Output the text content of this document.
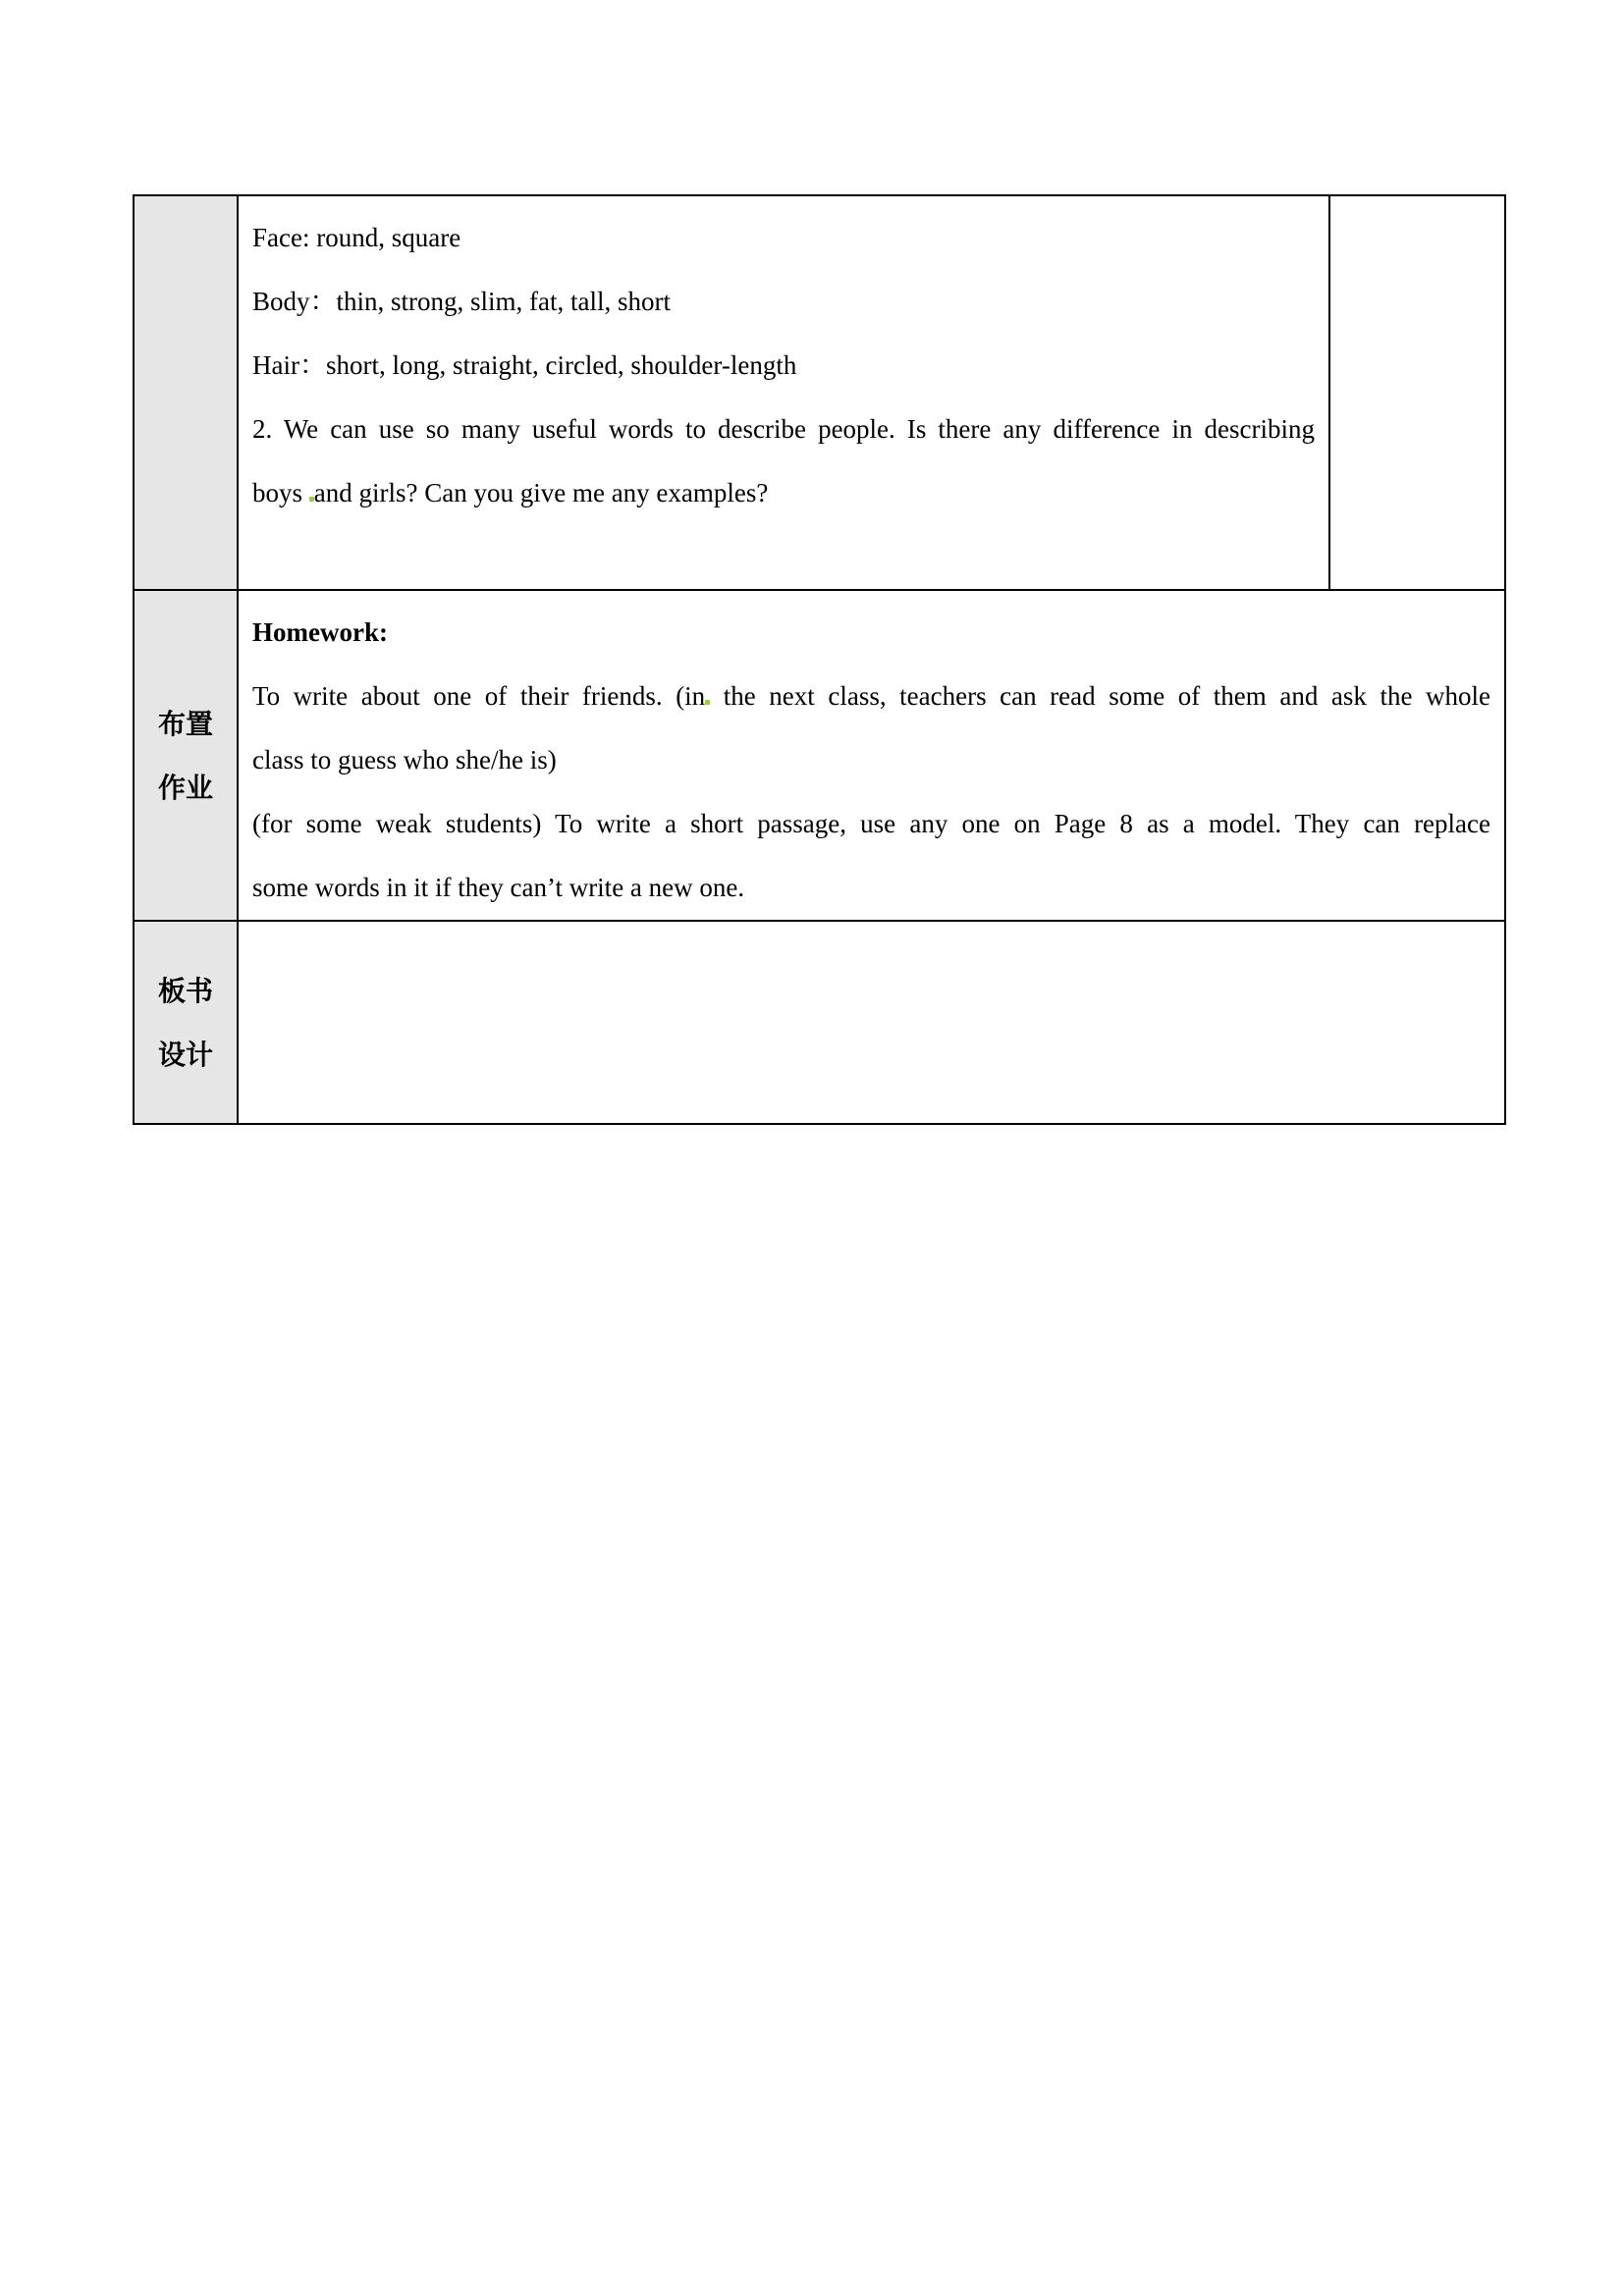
	Face: round, square
Body：thin, strong, slim, fat, tall, short
Hair：short, long, straight, circled, shoulder-length
2. We can use so many useful words to describe people. Is there any difference in describing
boys and girls? Can you give me any examples?	

布置
作业	Homework:
To write about one of their friends. (in the next class, teachers can read some of them and ask the whole
class to guess who she/he is)
(for some weak students) To write a short passage, use any one on Page 8 as a model. They can replace
some words in it if they can’t write a new one.	

板书
设计		
